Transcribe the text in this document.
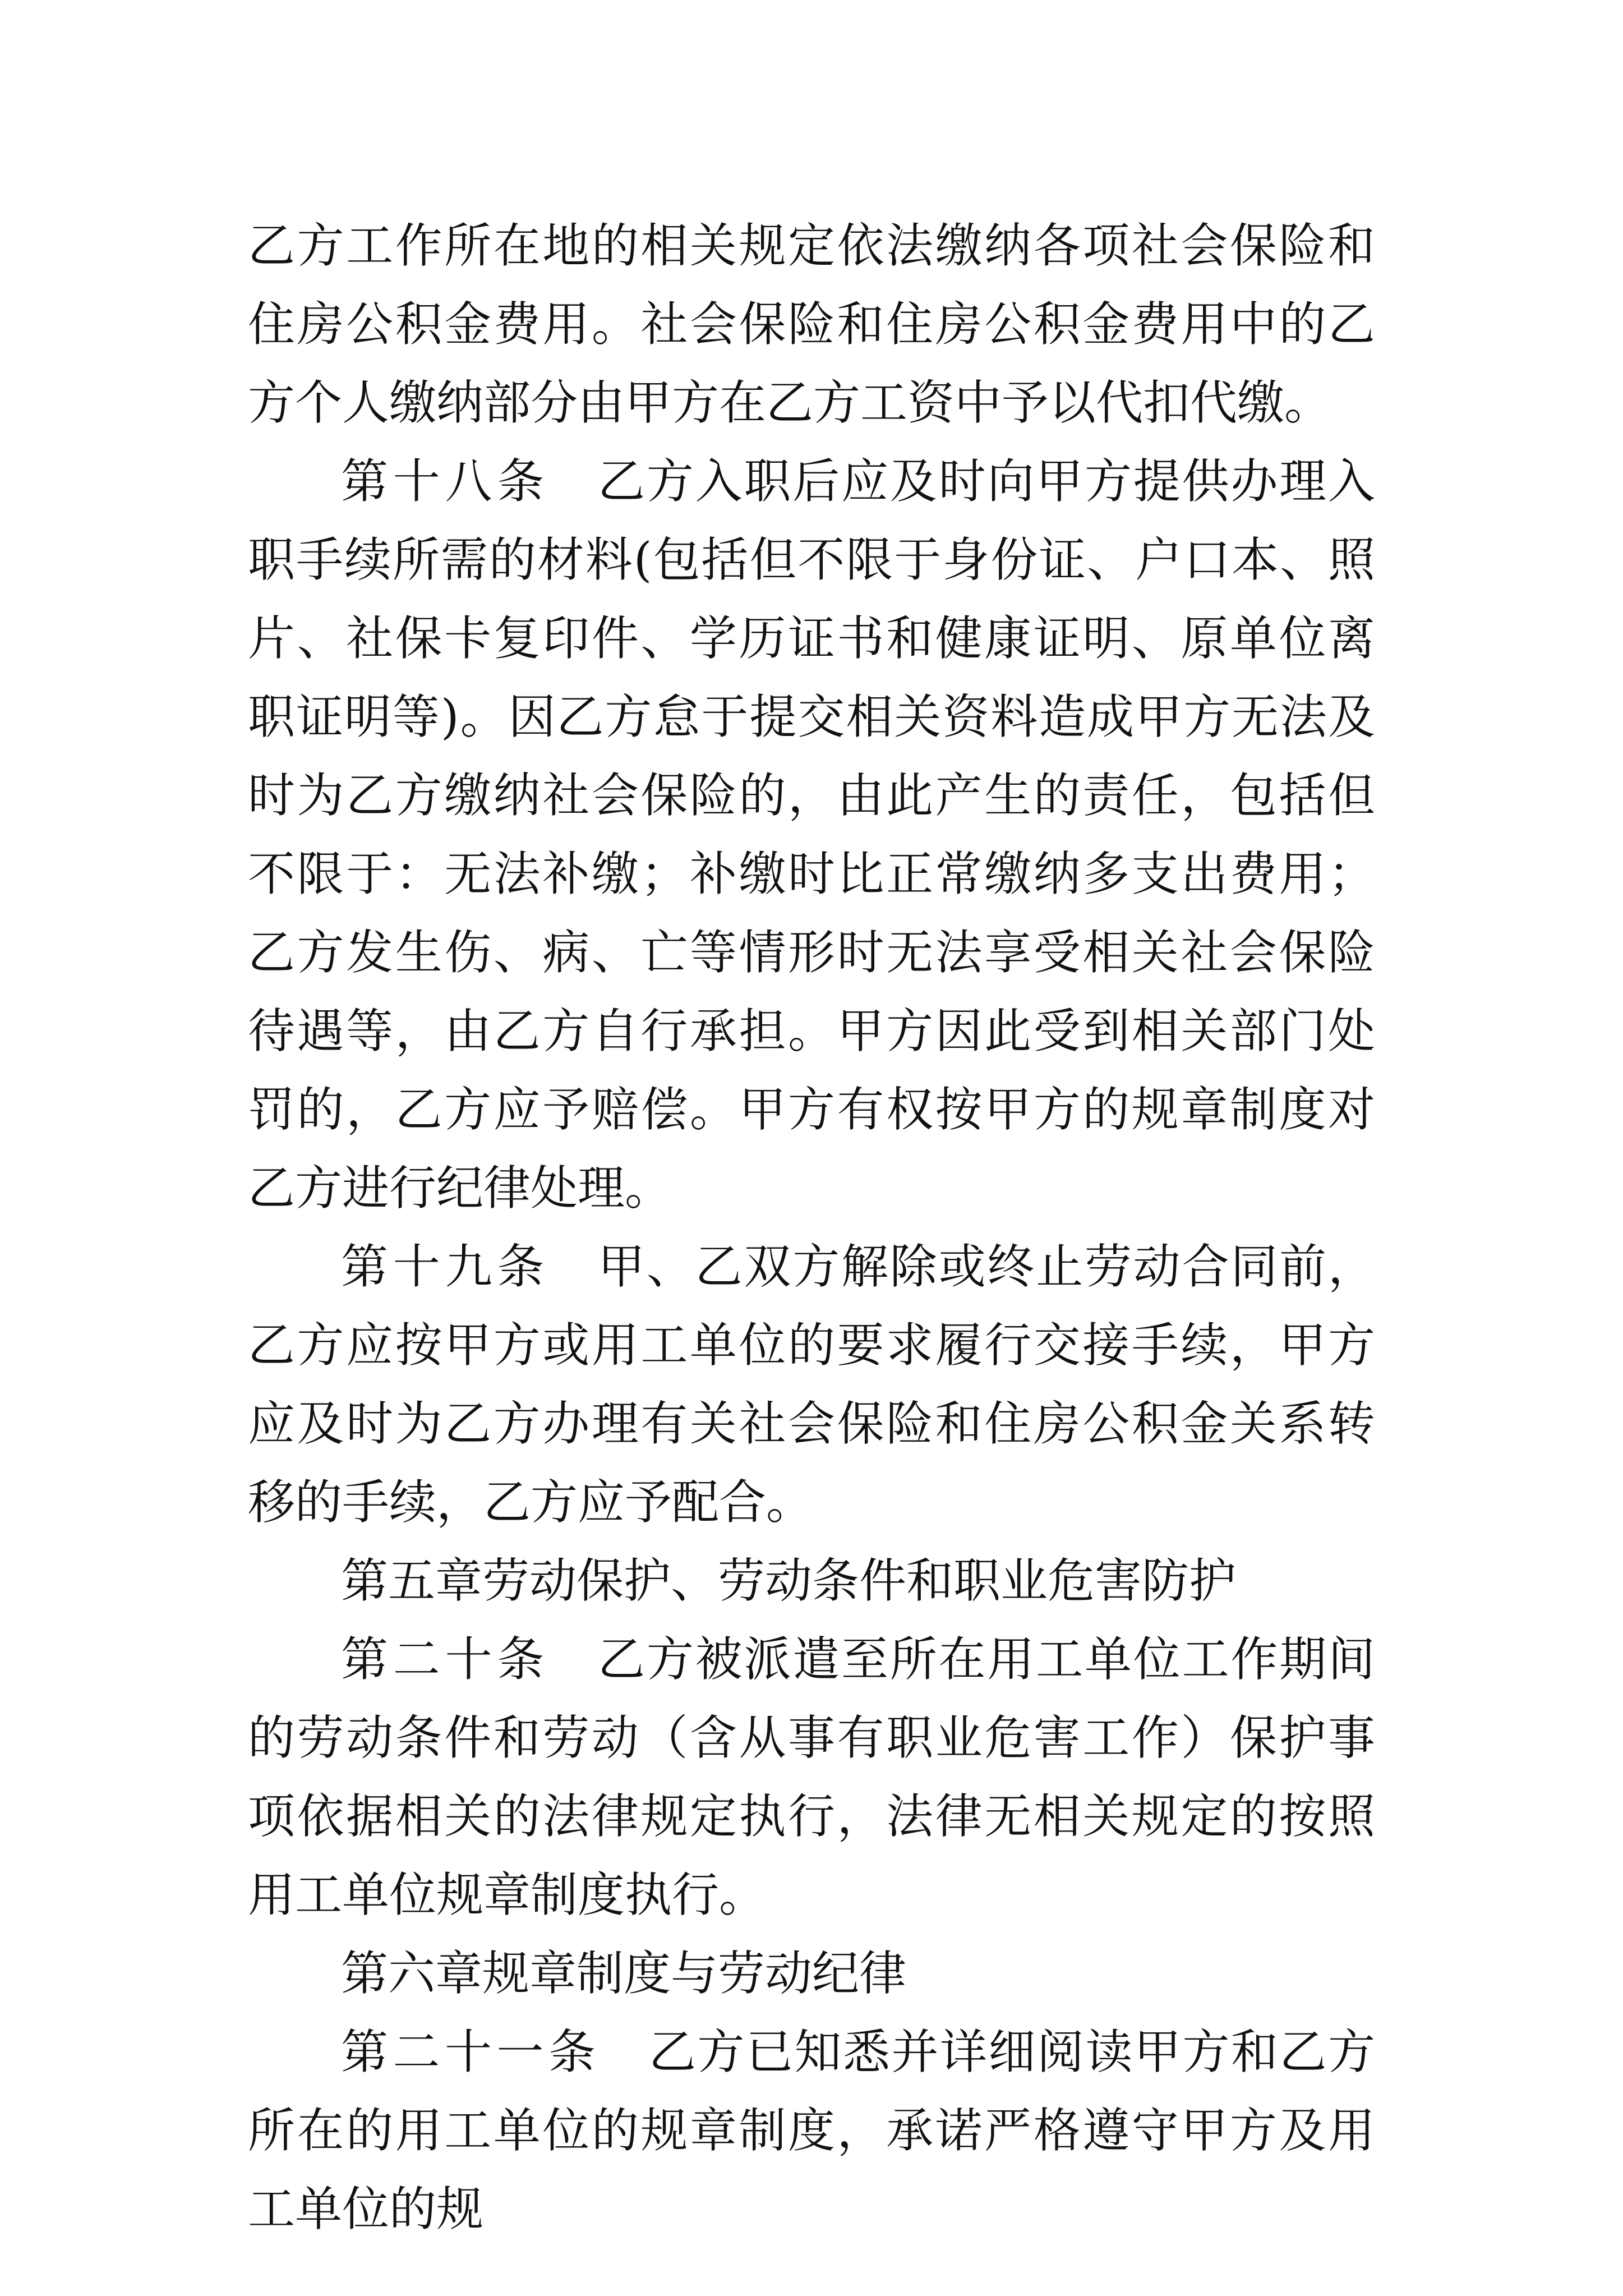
乙方工作所在地的相关规定依法缴纳各项社会保险和住房公积金费用。社会保险和住房公积金费用中的乙方个人缴纳部分由甲方在乙方工资中予以代扣代缴。

第十八条　 乙方入职后应及时向甲方提供办理入职手续所需的材料(包括但不限于身份证、户口本、照片、社保卡复印件、学历证书和健康证明、原单位离职证明等)。因乙方怠于提交相关资料造成甲方无法及时为乙方缴纳社会保险的，由此产生的责任，包括但不限于：无法补缴；补缴时比正常缴纳多支出费用；乙方发生伤、病、亡等情形时无法享受相关社会保险待遇等，由乙方自行承担。甲方因此受到相关部门处罚的，乙方应予赔偿。甲方有权按甲方的规章制度对乙方进行纪律处理。

第十九条　 甲、乙双方解除或终止劳动合同前，乙方应按甲方或用工单位的要求履行交接手续，甲方应及时为乙方办理有关社会保险和住房公积金关系转移的手续，乙方应予配合。

第五章劳动保护、劳动条件和职业危害防护

第二十条　 乙方被派遣至所在用工单位工作期间的劳动条件和劳动（含从事有职业危害工作）保护事项依据相关的法律规定执行，法律无相关规定的按照用工单位规章制度执行。

第六章规章制度与劳动纪律

第二十一条　 乙方已知悉并详细阅读甲方和乙方所在的用工单位的规章制度，承诺严格遵守甲方及用工单位的规
